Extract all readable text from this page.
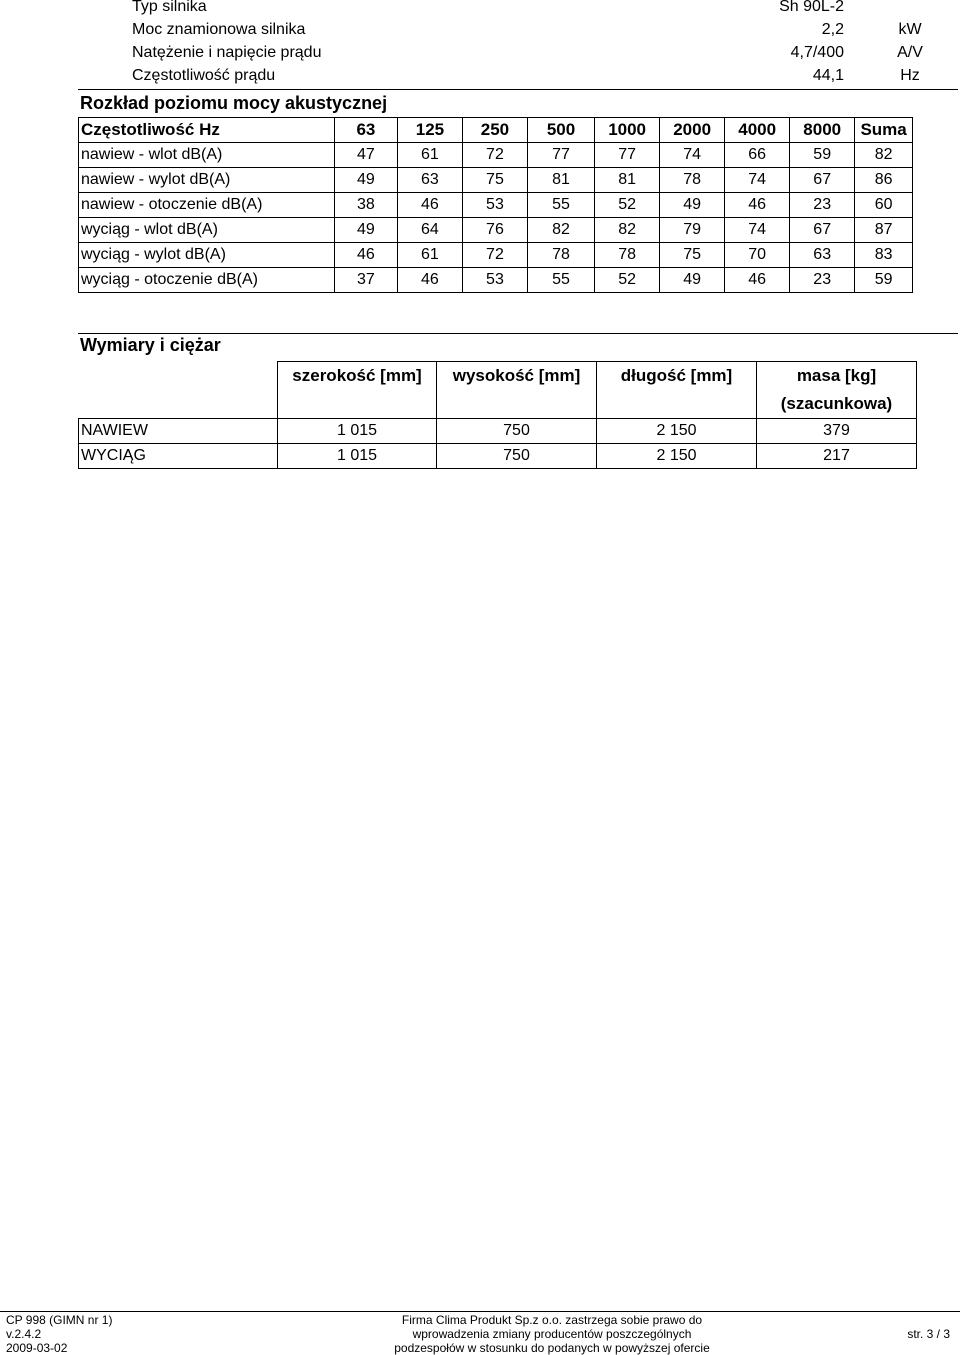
Typ silnika	Sh 90L-2
Moc znamionowa silnika	2,2	kW
Natężenie i napięcie prądu	4,7/400	A/V
Częstotliwość prądu	44,1	Hz
Rozkład poziomu mocy akustycznej
Częstotliwość Hz	63	125	250	500	1000	2000	4000	8000	Suma
nawiew - wlot dB(A)	47	61	72	77	77	74	66	59	82
nawiew - wylot dB(A)	49	63	75	81	81	78	74	67	86
nawiew - otoczenie dB(A)	38	46	53	55	52	49	46	23	60
wyciąg - wlot dB(A)	49	64	76	82	82	79	74	67	87
wyciąg - wylot dB(A)	46	61	72	78	78	75	70	63	83
wyciąg - otoczenie dB(A)	37	46	53	55	52	49	46	23	59
Wymiary i ciężar
	szerokość [mm]	wysokość [mm]	długość [mm]	masa [kg]
(szacunkowa)

NAWIEW	1 015	750	2 150	379
WYCIĄG	1 015	750	2 150	217
CP 998 (GIMN nr 1)
v.2.4.2
2009-03-02
Firma Clima Produkt Sp.z o.o. zastrzega sobie prawo do
wprowadzenia zmiany producentów poszczególnych
podzespołów w stosunku do podanych w powyższej ofercie
str. 3 / 3
